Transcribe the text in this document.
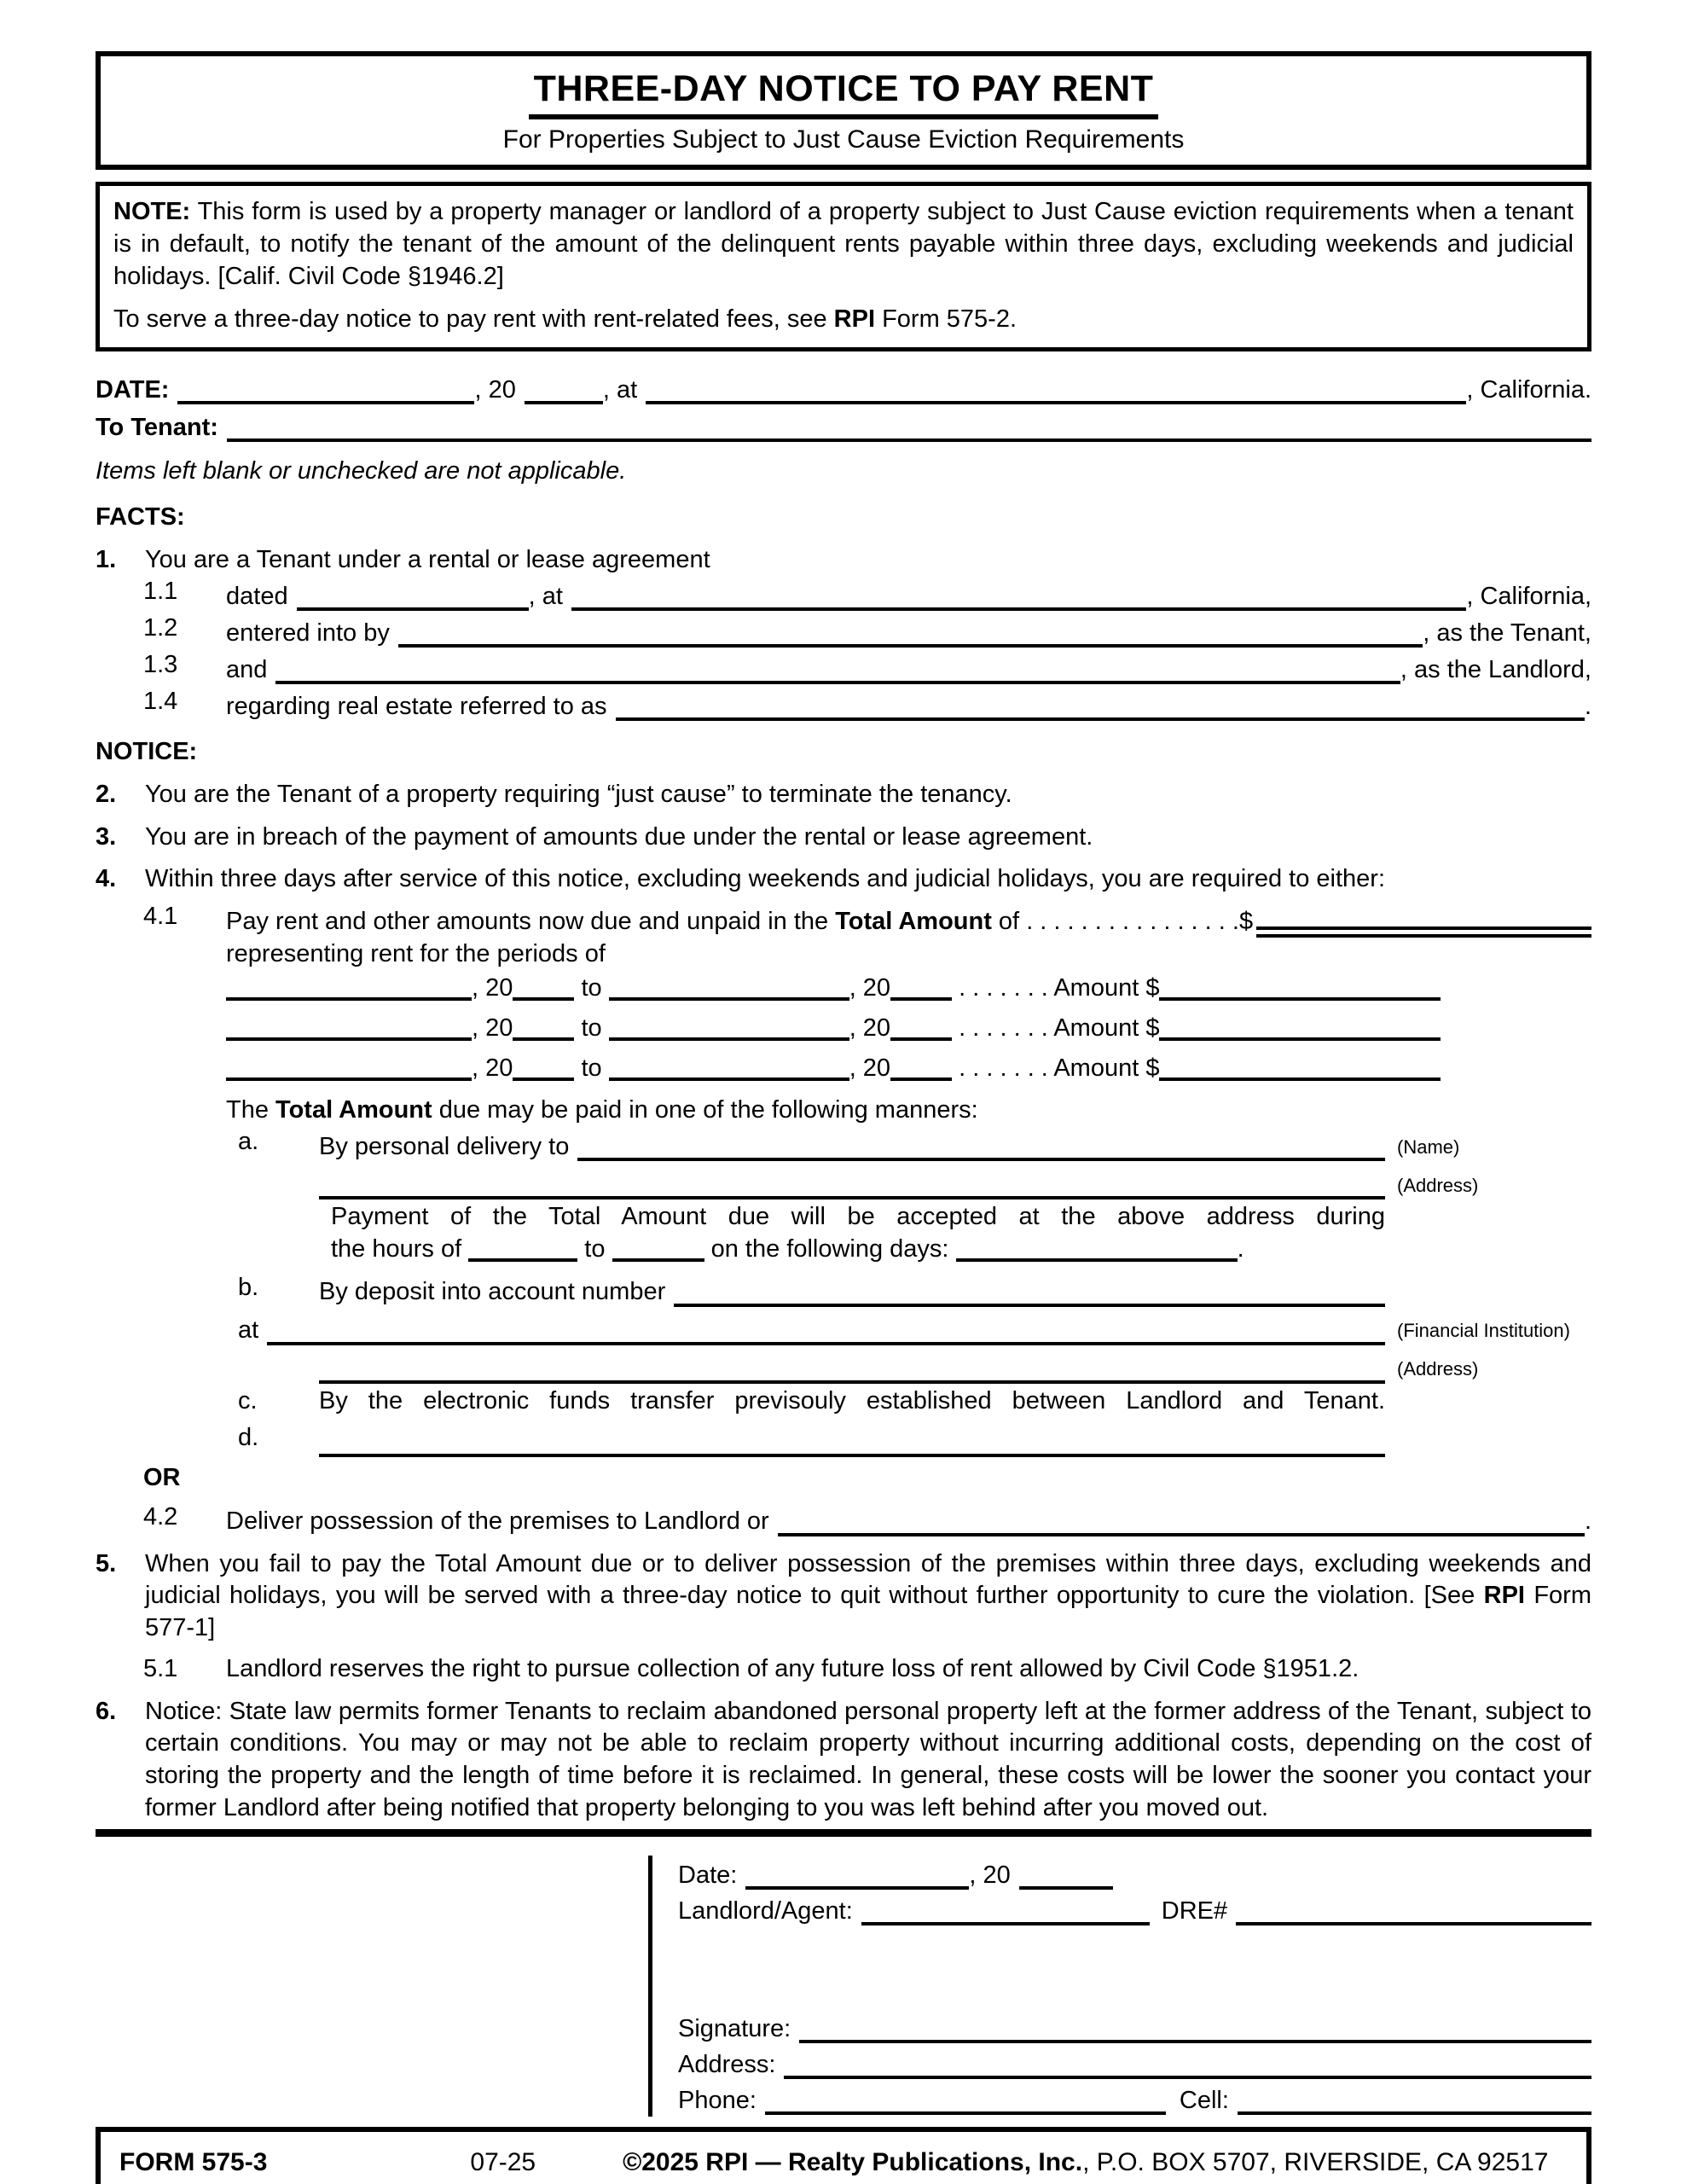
THREE-DAY NOTICE TO PAY RENT
For Properties Subject to Just Cause Eviction Requirements

NOTE: This form is used by a property manager or landlord of a property subject to Just Cause eviction requirements when a tenant is in default, to notify the tenant of the amount of the delinquent rents payable within three days, excluding weekends and judicial holidays. [Calif. Civil Code §1946.2]

To serve a three-day notice to pay rent with rent-related fees, see RPI Form 575-2.

DATE:	, 20	, at	, California.
To Tenant:
Items left blank or unchecked are not applicable.
FACTS:
1.	You are a Tenant under a rental or lease agreement
1.1	dated	, at	, California,
1.2	entered into by	, as the Tenant,
1.3	and	, as the Landlord,
1.4	regarding real estate referred to as	.
NOTICE:
2.	You are the Tenant of a property requiring “just cause” to terminate the tenancy.
3.	You are in breach of the payment of amounts due under the rental or lease agreement.
4.	Within three days after service of this notice, excluding weekends and judicial holidays, you are required to either:
4.1	Pay rent and other amounts now due and unpaid in the Total Amount of . . . . . . . . . . . . . . . .$
representing rent for the periods of
, 20	to	, 20	. . . . . . . Amount $
, 20	to	, 20	. . . . . . . Amount $
, 20	to	, 20	. . . . . . . Amount $
The Total Amount due may be paid in one of the following manners:
a.	By personal delivery to	(Name)
(Address)
Payment of the Total Amount due will be accepted at the above address during
the hours of	to	on the following days:	.
b.	By deposit into account number
at	(Financial Institution)
(Address)
c.	By the electronic funds transfer previsouly established between Landlord and Tenant.
d.
OR
4.2	Deliver possession of the premises to Landlord or	.
5.	When you fail to pay the Total Amount due or to deliver possession of the premises within three days, excluding weekends and judicial holidays, you will be served with a three-day notice to quit without further opportunity to cure the violation. [See RPI Form 577-1]

5.1	Landlord reserves the right to pursue collection of any future loss of rent allowed by Civil Code §1951.2.
6.	Notice: State law permits former Tenants to reclaim abandoned personal property left at the former address of the Tenant, subject to certain conditions. You may or may not be able to reclaim property without incurring additional costs, depending on the cost of storing the property and the length of time before it is reclaimed. In general, these costs will be lower the sooner you contact your former Landlord after being notified that property belonging to you was left behind after you moved out.

Date:	, 20
Landlord/Agent:	DRE#
Signature:
Address:
Phone:	Cell:
FORM 575-3	07-25	©2025 RPI — Realty Publications, Inc., P.O. BOX 5707, RIVERSIDE, CA 92517
